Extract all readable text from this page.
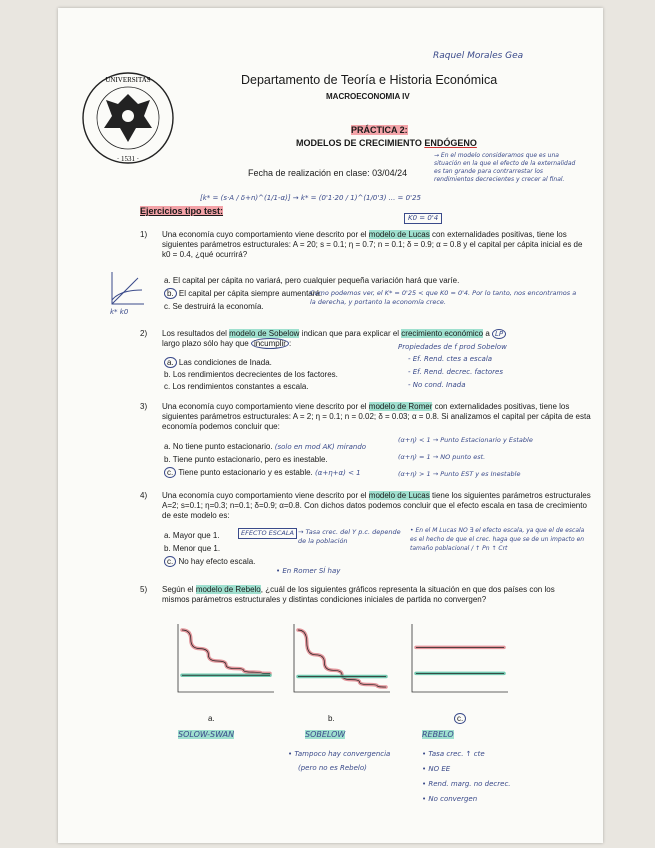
Raquel Morales Gea
UNIVERSITAS
· 1531 ·
Departamento de Teoría e Historia Económica
MACROECONOMIA IV
PRÁCTICA 2:
MODELOS DE CRECIMIENTO ENDÓGENO
Fecha de realización en clase: 03/04/24
→ En el modelo consideramos que es una situación en la que el efecto de la externalidad es tan grande para contrarrestar los rendimientos decrecientes y crecer al final.
[k* = (s·A / δ+n)^(1/1-α)] → k* = (0'1·20 / 1)^(1/0'3) ... = 0'25
K0 = 0'4
Ejercicios tipo test:
1) Una economía cuyo comportamiento viene descrito por el modelo de Lucas con externalidades positivas, tiene los siguientes parámetros estructurales: A = 20; s = 0.1; η = 0.7; n = 0.1; δ = 0.9; α = 0.8 y el capital per cápita inicial es de k0 = 0.4, ¿qué ocurrirá?
k* k0
a. El capital per cápita no variará, pero cualquier pequeña variación hará que varíe.
b. El capital per cápita siempre aumentará.
c. Se destruirá la economía.
Como podemos ver, el K* = 0'25 < que K0 = 0'4. Por lo tanto, nos encontramos a la derecha, y portanto la economía crece.
2) Los resultados del modelo de Sobelow indican que para explicar el crecimiento económico a LP
largo plazo sólo hay que incumplir :
a. Las condiciones de Inada.
b. Los rendimientos decrecientes de los factores.
c. Los rendimientos constantes a escala.
Propiedades de f prod Sobelow
- Ef. Rend. ctes a escala
- Ef. Rend. decrec. factores
- No cond. Inada
3) Una economía cuyo comportamiento viene descrito por el modelo de Romer con externalidades positivas, tiene los siguientes parámetros estructurales: A = 2; η = 0.1; n = 0.02; δ = 0.03; α = 0.8. Si analizamos el capital per cápita de esta economía podemos concluir que:
a. No tiene punto estacionario. (solo en mod AK) mirando
b. Tiene punto estacionario, pero es inestable.
c. Tiene punto estacionario y es estable. (α+η+α) < 1
(α+η) < 1 → Punto Estacionario y Estable
(α+η) = 1 → NO punto est.
(α+η) > 1 → Punto EST y es Inestable
4) Una economía cuyo comportamiento viene descrito por el modelo de Lucas tiene los siguientes parámetros estructurales A=2; s=0.1; η=0.3; n=0.1; δ=0.9; α=0.8. Con dichos datos podemos concluir que el efecto escala en tasa de crecimiento de este modelo es:
a. Mayor que 1.
b. Menor que 1.
c. No hay efecto escala.
EFECTO ESCALA → Tasa crec. del Y p.c. depende de la población
• En el M Lucas NO ∃ el efecto escala, ya que el de escala es el hecho de que el crec. haga que se de un impacto en tamaño poblacional / ↑ Pn ↑ Crt
• En Romer SÍ hay
5) Según el modelo de Rebelo, ¿cuál de los siguientes gráficos representa la situación en que dos países con los mismos parámetros estructurales y distintas condiciones iniciales de partida no convergen?
a.	b.	c.
SOLOW-SWAN	SOBELOW	REBELO
• Tampoco hay convergencia
(pero no es Rebelo)
• Tasa crec. ↑ cte
• NO EE
• Rend. marg. no decrec.
• No convergen
